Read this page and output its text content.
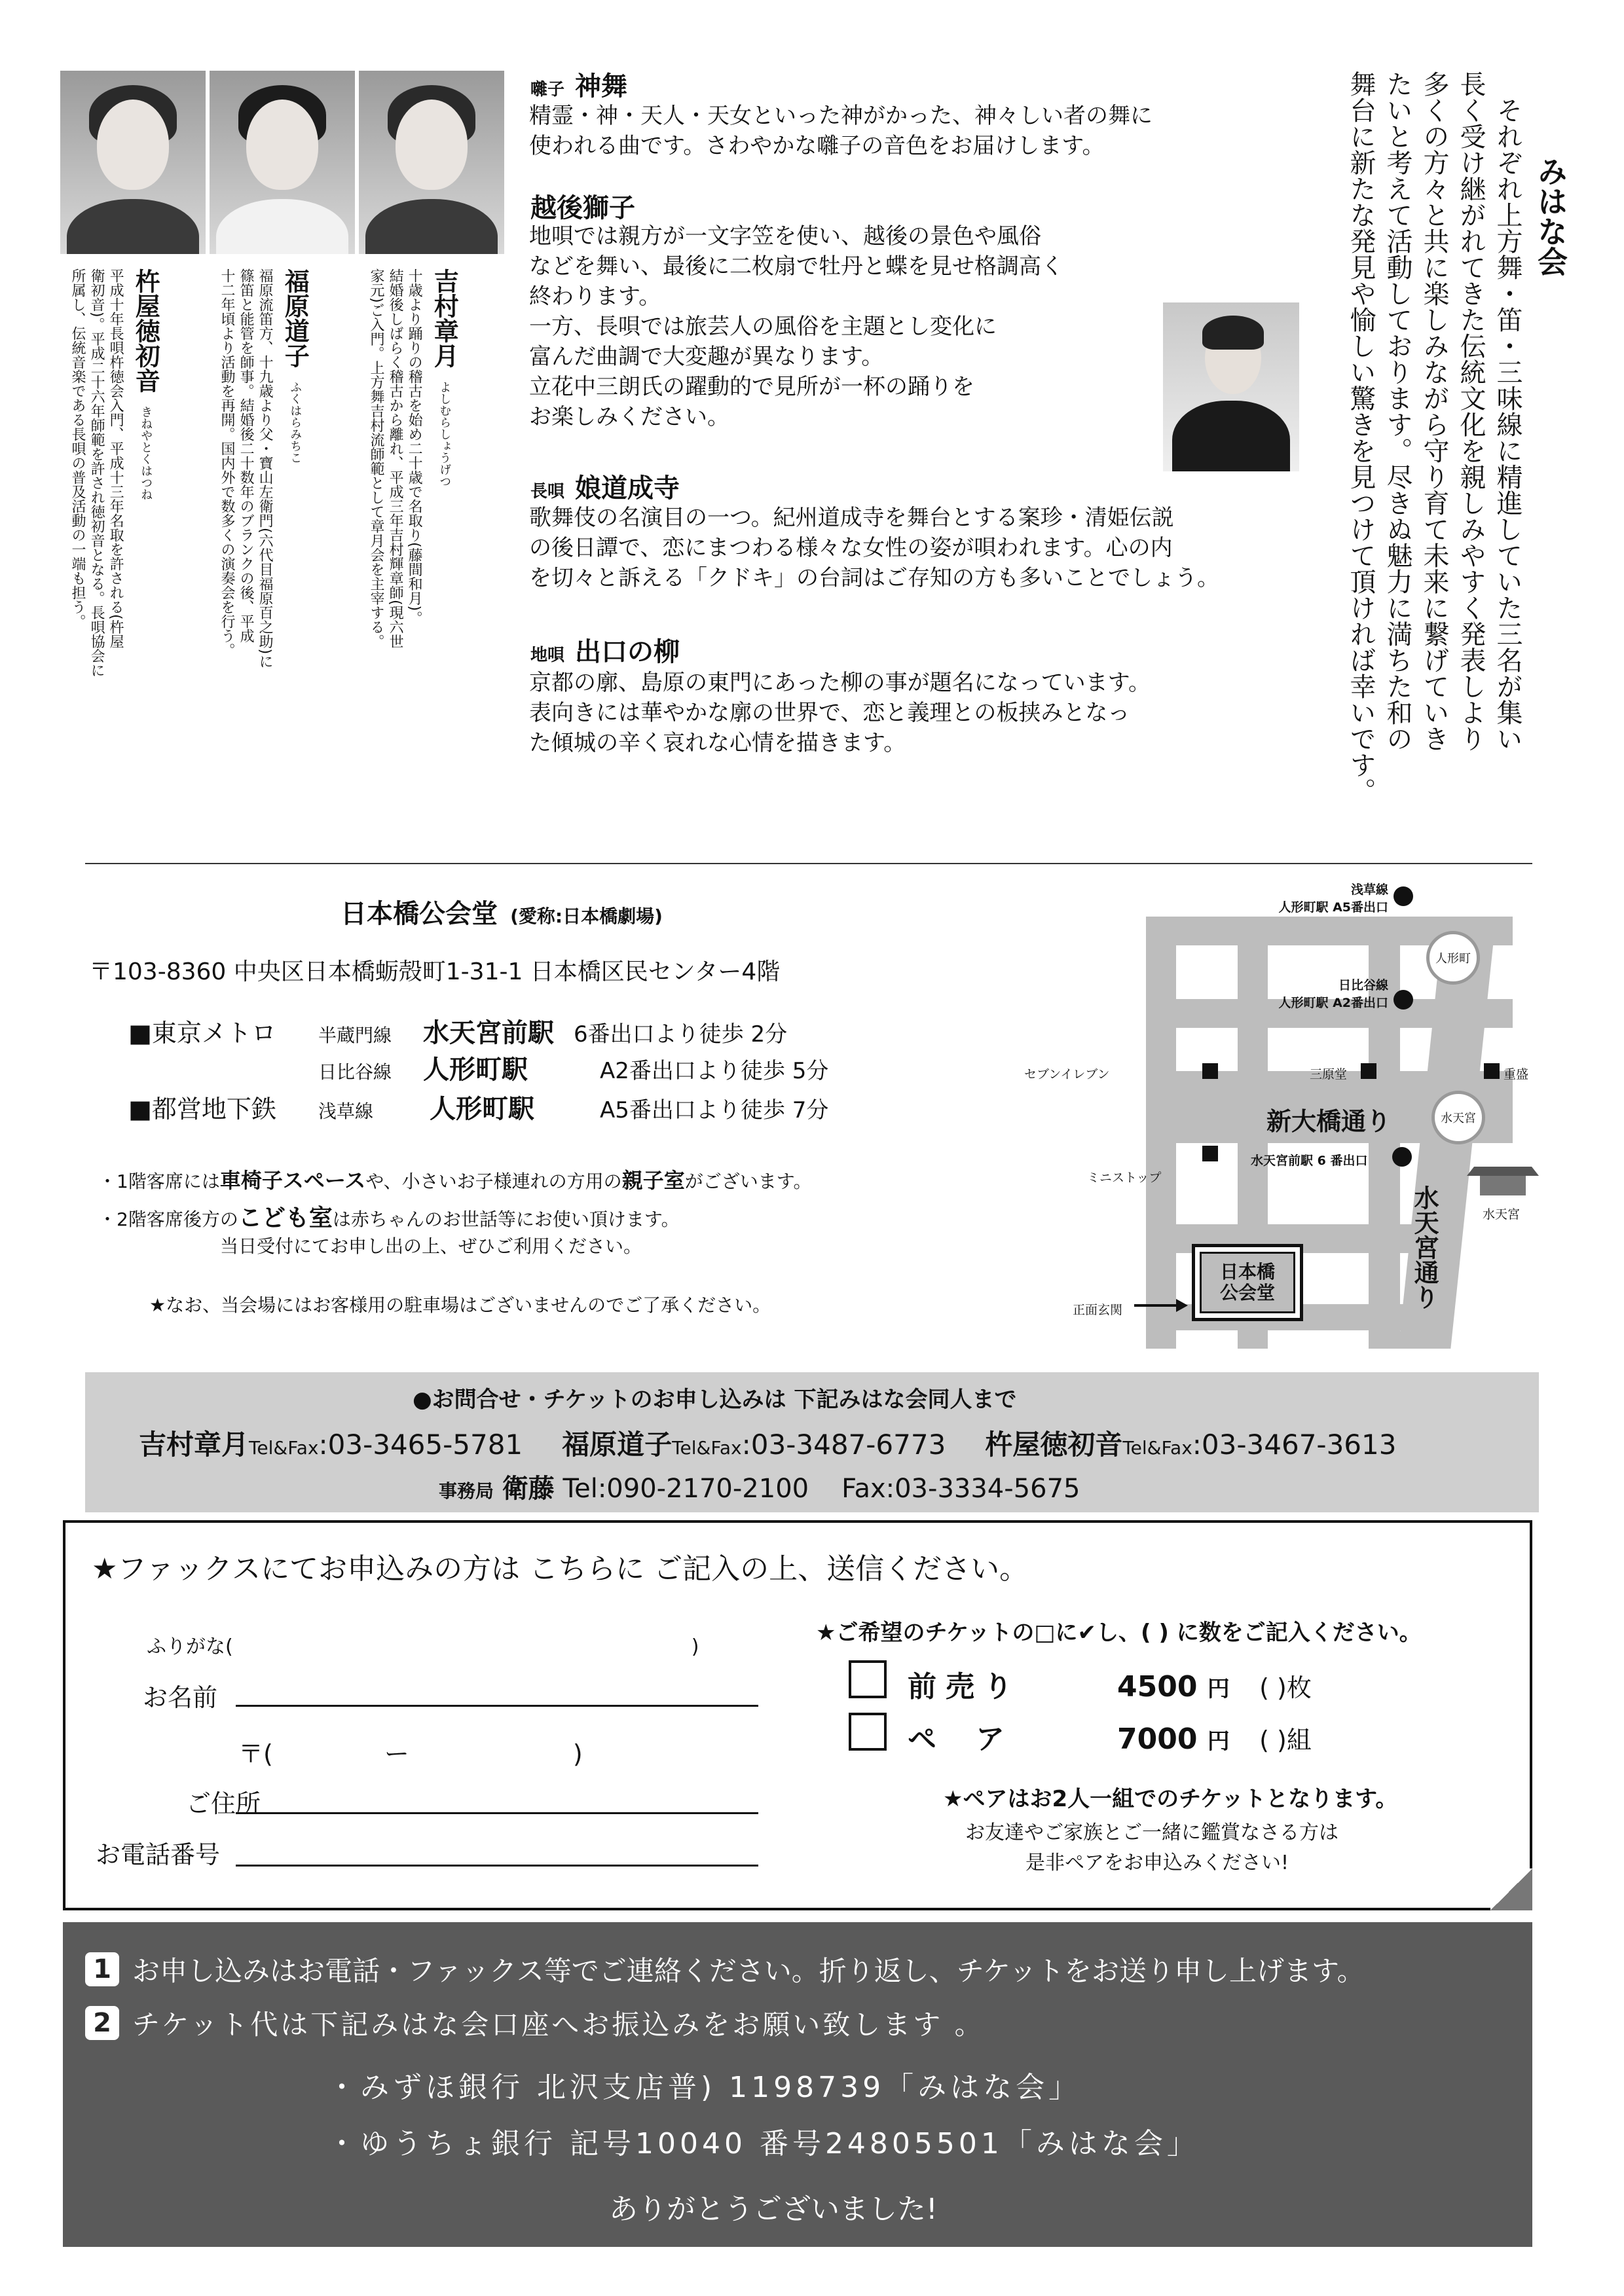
吉村章月よしむらしょうげつ
十歳より踊りの稽古を始め二十歳で名取り(藤間和月)。
結婚後しばらく稽古から離れ、平成三年吉村輝章師(現六世
家元)ご入門。上方舞吉村流師範として章月会を主宰する。
福原道子ふくはらみちこ
福原流笛方、十九歳より父・寶山左衛門(六代目福原百之助)に
篠笛と能管を師事。結婚後二十数年のブランクの後、平成
十二年頃より活動を再開。国内外で数多くの演奏会を行う。
杵屋徳初音きねやとくはつね
平成十年長唄杵徳会入門、平成十三年名取を許される(杵屋
衛初音)。平成二十六年師範を許され徳初音となる。長唄協会に
所属し、伝統音楽である長唄の普及活動の一端も担う。
囃子 神舞
精霊・神・天人・天女といった神がかった、神々しい者の舞に
使われる曲です。さわやかな囃子の音色をお届けします。
越後獅子
地唄では親方が一文字笠を使い、越後の景色や風俗
などを舞い、最後に二枚扇で牡丹と蝶を見せ格調高く
終わります。
一方、長唄では旅芸人の風俗を主題とし変化に
富んだ曲調で大変趣が異なります。
立花中三朗氏の躍動的で見所が一杯の踊りを
お楽しみください。
長唄 娘道成寺
歌舞伎の名演目の一つ。紀州道成寺を舞台とする案珍・清姫伝説
の後日譚で、恋にまつわる様々な女性の姿が唄われます。心の内
を切々と訴える「クドキ」の台詞はご存知の方も多いことでしょう。
地唄 出口の柳
京都の廓、島原の東門にあった柳の事が題名になっています。
表向きには華やかな廓の世界で、恋と義理との板挟みとなっ
た傾城の辛く哀れな心情を描きます。
みはな会
それぞれ上方舞・笛・三味線に精進していた三名が集い
長く受け継がれてきた伝統文化を親しみやすく発表しより
多くの方々と共に楽しみながら守り育て未来に繋げていき
たいと考えて活動しております。尽きぬ魅力に満ちた和の
舞台に新たな発見や愉しい驚きを見つけて頂ければ幸いです。
日本橋公会堂 (愛称:日本橋劇場)
〒103-8360 中央区日本橋蛎殻町1-31-1 日本橋区民センター4階
■東京メトロ 半蔵門線 水天宮前駅 6番出口より徒歩 2分
日比谷線 人形町駅	A2番出口より徒歩 5分
■都営地下鉄 浅草線 人形町駅	A5番出口より徒歩 7分
・1階客席には車椅子スペースや、小さいお子様連れの方用の親子室がございます。
・2階客席後方のこども室は赤ちゃんのお世話等にお使い頂けます。
当日受付にてお申し出の上、ぜひご利用ください。
★なお、当会場にはお客様用の駐車場はございませんのでご了承ください。
浅草線
人形町駅 A5番出口
人形町
日比谷線
人形町駅 A2番出口
セブンイレブン	三原堂	重盛
新大橋通り	水天宮
水天宮前駅 6 番出口
ミニストップ
水天宮通り	水天宮
日本橋
公会堂
正面玄関
●お問合せ・チケットのお申し込みは 下記みはな会同人まで
吉村章月Tel&Fax:03-3465-5781 福原道子Tel&Fax:03-3487-6773 杵屋徳初音Tel&Fax:03-3467-3613
事務局 衛藤 Tel:090-2170-2100 Fax:03-3334-5675
★ファックスにてお申込みの方は こちらに ご記入の上、送信ください。
ふりがな(	)
お名前
〒(	ー	)
ご住所
お電話番号
★ご希望のチケットの□に✔し、( ) に数をご記入ください。
前売り	4500 円 ( )枚
ペア	7000 円 ( )組
★ペアはお2人一組でのチケットとなります。
お友達やご家族とご一緒に鑑賞なさる方は
是非ペアをお申込みください!
1 お申し込みはお電話・ファックス等でご連絡ください。折り返し、チケットをお送り申し上げます。
2 チケット代は下記みはな会口座へお振込みをお願い致します 。
・みずほ銀行 北沢支店普) 1198739「みはな会」
・ゆうちょ銀行 記号10040 番号24805501「みはな会」
ありがとうございました!
